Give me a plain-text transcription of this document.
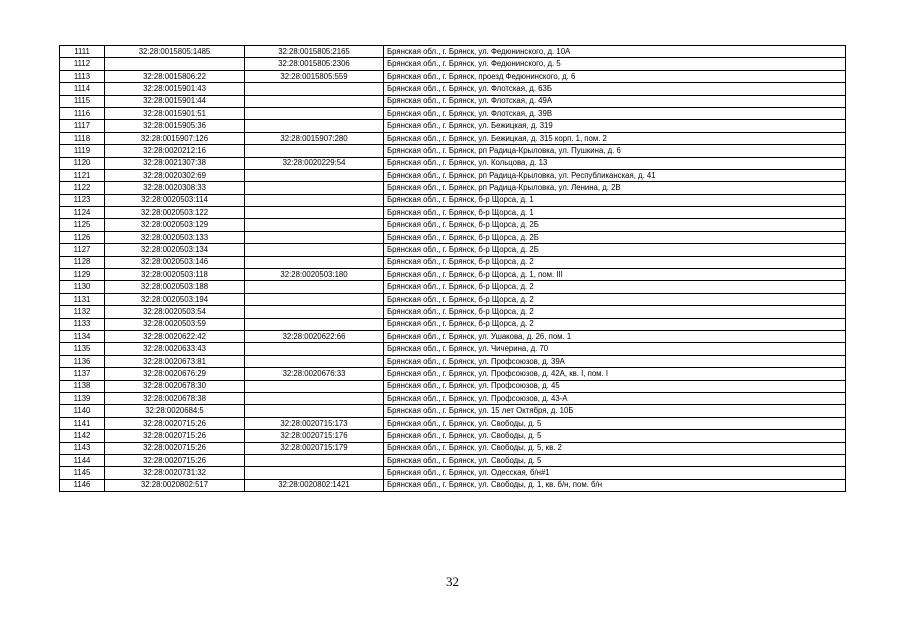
1111	32:28:0015805:1485	32:28:0015805:2165	Брянская обл., г. Брянск, ул. Федюнинского, д. 10А
1112		32:28:0015805:2306	Брянская обл., г. Брянск, ул. Федюнинского, д. 5
1113	32:28:0015806:22	32:28:0015805:559	Брянская обл., г. Брянск, проезд Федюнинского, д. 6
1114	32:28:0015901:43		Брянская обл., г. Брянск, ул. Флотская, д. 63Б
1115	32:28:0015901:44		Брянская обл., г. Брянск, ул. Флотская, д. 49А
1116	32:28:0015901:51		Брянская обл., г. Брянск, ул. Флотская, д. 39В
1117	32:28:0015905:36		Брянская обл., г. Брянск, ул. Бежицкая, д. 319
1118	32:28:0015907:126	32:28:0015907:280	Брянская обл., г. Брянск, ул. Бежицкая, д. 315 корп. 1, пом. 2
1119	32:28:0020212:16		Брянская обл., г. Брянск, рп Радица-Крыловка, ул. Пушкина, д. 6
1120	32:28:0021307:38	32:28:0020229:54	Брянская обл., г. Брянск, ул. Кольцова, д. 13
1121	32:28:0020302:69		Брянская обл., г. Брянск, рп Радица-Крыловка, ул. Республиканская, д. 41
1122	32:28:0020308:33		Брянская обл., г. Брянск, рп Радица-Крыловка, ул. Ленина, д. 2В
1123	32:28:0020503:114		Брянская обл., г. Брянск, б-р Щорса, д. 1
1124	32:28:0020503:122		Брянская обл., г. Брянск, б-р Щорса, д. 1
1125	32:28:0020503:129		Брянская обл., г. Брянск, б-р Щорса, д. 2Б
1126	32:28:0020503:133		Брянская обл., г. Брянск, б-р Щорса, д. 2Б
1127	32:28:0020503:134		Брянская обл., г. Брянск, б-р Щорса, д. 2Б
1128	32:28:0020503:146		Брянская обл., г. Брянск, б-р Щорса, д. 2
1129	32:28:0020503:118	32:28:0020503:180	Брянская обл., г. Брянск, б-р Щорса, д. 1, пом. III
1130	32:28:0020503:188		Брянская обл., г. Брянск, б-р Щорса, д. 2
1131	32:28:0020503:194		Брянская обл., г. Брянск, б-р Щорса, д. 2
1132	32:28:0020503:54		Брянская обл., г. Брянск, б-р Щорса, д. 2
1133	32:28:0020503:59		Брянская обл., г. Брянск, б-р Щорса, д. 2
1134	32:28:0020622:42	32:28:0020622:66	Брянская обл., г. Брянск, ул. Ушакова, д. 26, пом. 1
1135	32:28:0020633:43		Брянская обл., г. Брянск, ул. Чичерина, д. 70
1136	32:28:0020673:81		Брянская обл., г. Брянск, ул. Профсоюзов, д. 39А
1137	32:28:0020676:29	32:28:0020676:33	Брянская обл., г. Брянск, ул. Профсоюзов, д. 42А, кв. I, пом. I
1138	32:28:0020678:30		Брянская обл., г. Брянск, ул. Профсоюзов, д. 45
1139	32:28:0020678:38		Брянская обл., г. Брянск, ул. Профсоюзов, д. 43-А
1140	32:28:0020684:5		Брянская обл., г. Брянск, ул. 15 лет Октября, д. 10Б
1141	32:28:0020715:26	32:28:0020715:173	Брянская обл., г. Брянск, ул. Свободы, д. 5
1142	32:28:0020715:26	32:28:0020715:176	Брянская обл., г. Брянск, ул. Свободы, д. 5
1143	32:28:0020715:26	32:28:0020715:179	Брянская обл., г. Брянск, ул. Свободы, д. 5, кв. 2
1144	32:28:0020715:26		Брянская обл., г. Брянск, ул. Свободы, д. 5
1145	32:28:0020731:32		Брянская обл., г. Брянск, ул. Одесская, б/н#1
1146	32:28:0020802:517	32:28:0020802:1421	Брянская обл., г. Брянск, ул. Свободы, д. 1, кв. б/н, пом. б/н
32
